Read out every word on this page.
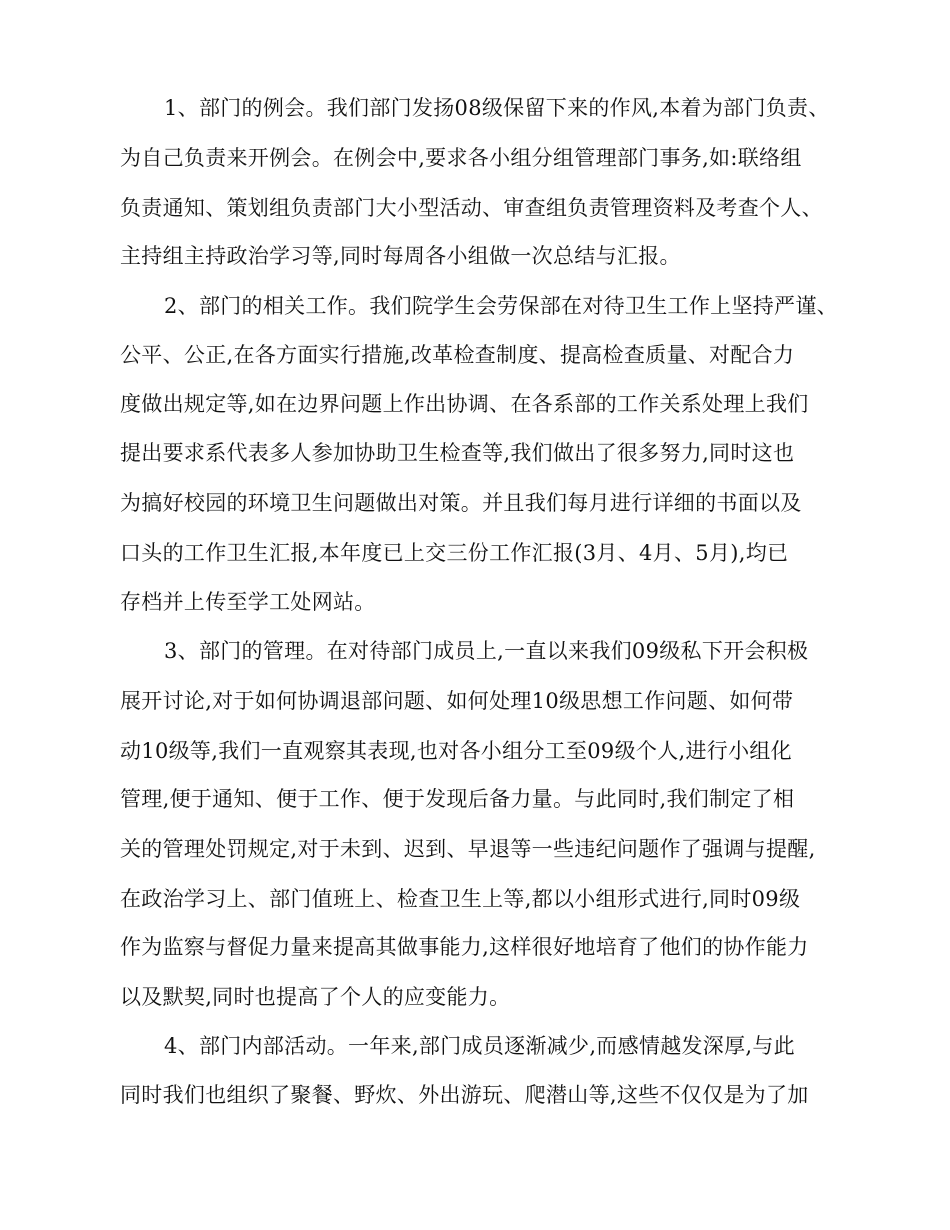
1、部门的例会。我们部门发扬08级保留下来的作风,本着为部门负责、
为自己负责来开例会。在例会中,要求各小组分组管理部门事务,如:联络组
负责通知、策划组负责部门大小型活动、审查组负责管理资料及考查个人、
主持组主持政治学习等,同时每周各小组做一次总结与汇报。
2、部门的相关工作。我们院学生会劳保部在对待卫生工作上坚持严谨、
公平、公正,在各方面实行措施,改革检查制度、提高检查质量、对配合力
度做出规定等,如在边界问题上作出协调、在各系部的工作关系处理上我们
提出要求系代表多人参加协助卫生检查等,我们做出了很多努力,同时这也
为搞好校园的环境卫生问题做出对策。并且我们每月进行详细的书面以及
口头的工作卫生汇报,本年度已上交三份工作汇报(3月、4月、5月),均已
存档并上传至学工处网站。
3、部门的管理。在对待部门成员上,一直以来我们09级私下开会积极
展开讨论,对于如何协调退部问题、如何处理10级思想工作问题、如何带
动10级等,我们一直观察其表现,也对各小组分工至09级个人,进行小组化
管理,便于通知、便于工作、便于发现后备力量。与此同时,我们制定了相
关的管理处罚规定,对于未到、迟到、早退等一些违纪问题作了强调与提醒,
在政治学习上、部门值班上、检查卫生上等,都以小组形式进行,同时09级
作为监察与督促力量来提高其做事能力,这样很好地培育了他们的协作能力
以及默契,同时也提高了个人的应变能力。
4、部门内部活动。一年来,部门成员逐渐减少,而感情越发深厚,与此
同时我们也组织了聚餐、野炊、外出游玩、爬潜山等,这些不仅仅是为了加
